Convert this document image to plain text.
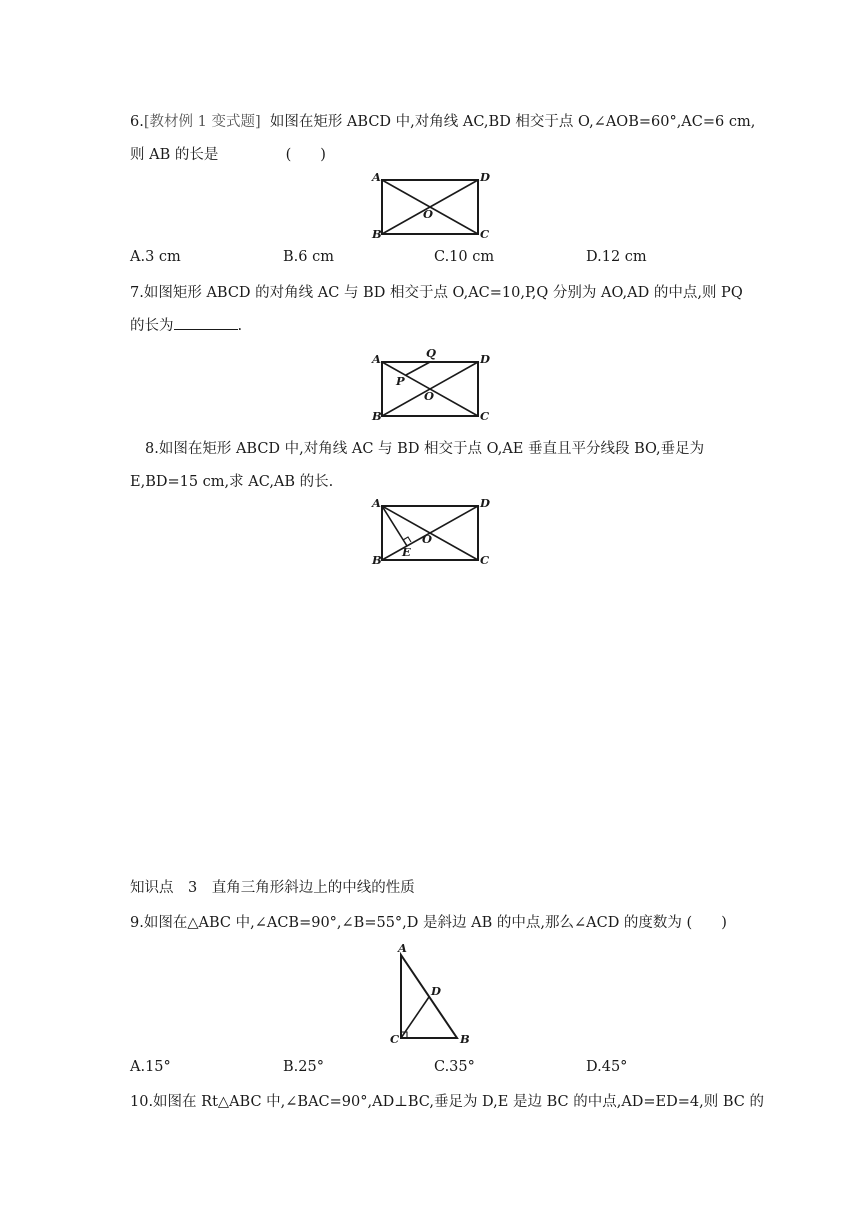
6.[教材例 1 变式题] 如图在矩形 ABCD 中,对角线 AC,BD 相交于点 O,∠AOB=60°,AC=6 cm,
则 AB 的长是	(　　)
A	D
O
B	C
A.3 cm	B.6 cm	C.10 cm	D.12 cm
7.如图矩形 ABCD 的对角线 AC 与 BD 相交于点 O,AC=10,P,Q 分别为 AO,AD 的中点,则 PQ
的长为	.
A	Q	D
P
O
B	C
8.如图在矩形 ABCD 中,对角线 AC 与 BD 相交于点 O,AE 垂直且平分线段 BO,垂足为
E,BD=15 cm,求 AC,AB 的长.
A	D
O
E
B	C
知识点　3　直角三角形斜边上的中线的性质
9.如图在△ABC 中,∠ACB=90°,∠B=55°,D 是斜边 AB 的中点,那么∠ACD 的度数为 (　　)
A
D
C	B
A.15°	B.25°	C.35°	D.45°
10.如图在 Rt△ABC 中,∠BAC=90°,AD⊥BC,垂足为 D,E 是边 BC 的中点,AD=ED=4,则 BC 的
